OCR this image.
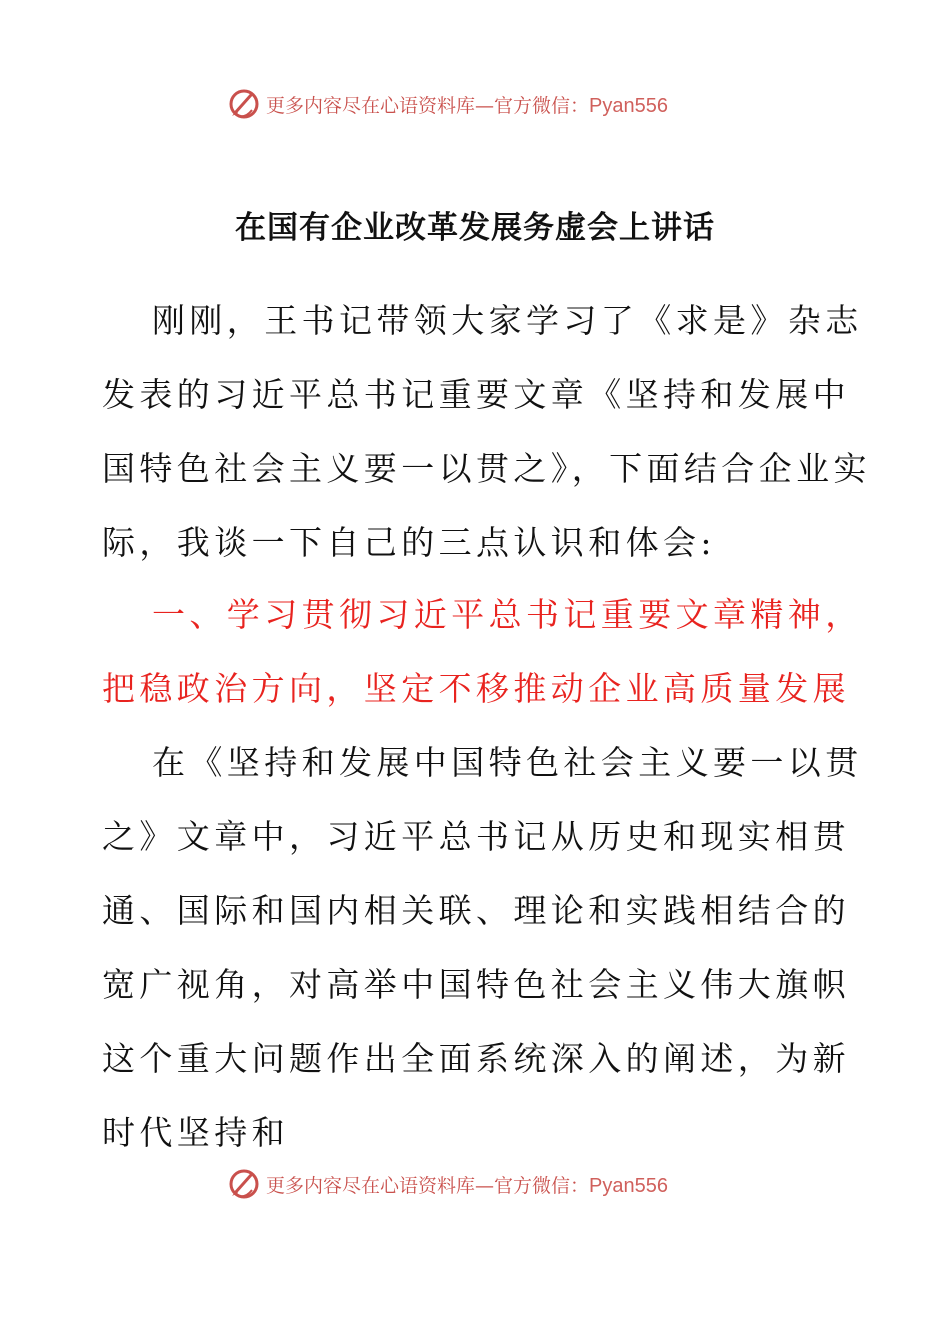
更多内容尽在心语资料库—官方微信：Pyan556
在国有企业改革发展务虚会上讲话

刚刚，王书记带领大家学习了《求是》杂志发表的习近平总书记重要文章《坚持和发展中国特色社会主义要一以贯之》，下面结合企业实际，我谈一下自己的三点认识和体会:

一、学习贯彻习近平总书记重要文章精神，把稳政治方向，坚定不移推动企业高质量发展

在《坚持和发展中国特色社会主义要一以贯之》文章中，习近平总书记从历史和现实相贯通、国际和国内相关联、理论和实践相结合的宽广视角，对高举中国特色社会主义伟大旗帜这个重大问题作出全面系统深入的阐述，为新时代坚持和

更多内容尽在心语资料库—官方微信：Pyan556
